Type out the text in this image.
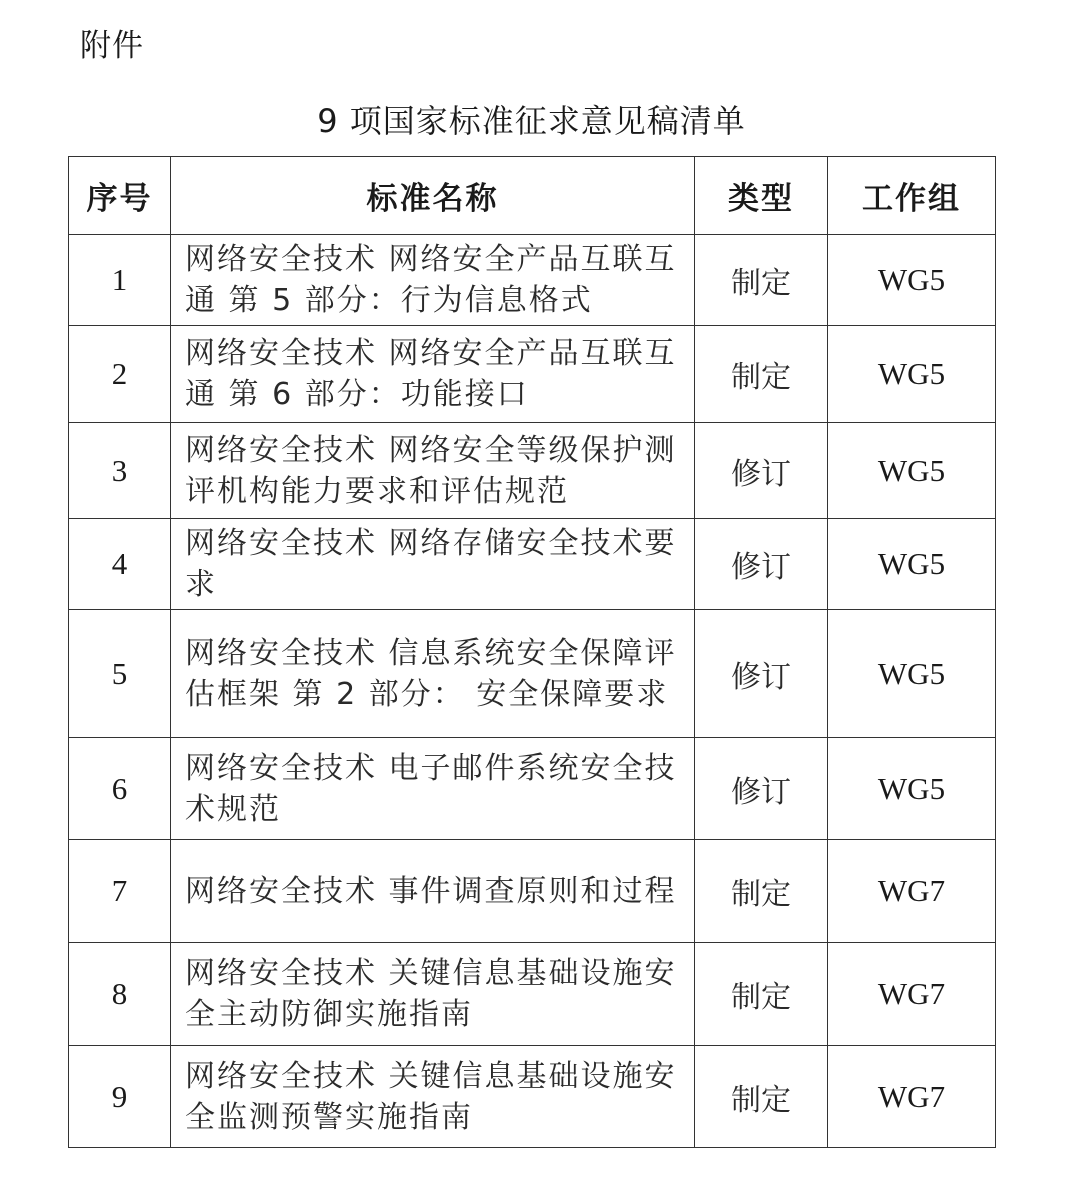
附件
9 项国家标准征求意见稿清单
序号	标准名称	类型	工作组
1	网络安全技术 网络安全产品互联互通 第 5 部分：行为信息格式	制定	WG5
2	网络安全技术 网络安全产品互联互通 第 6 部分：功能接口	制定	WG5
3	网络安全技术 网络安全等级保护测评机构能力要求和评估规范	修订	WG5
4	网络安全技术 网络存储安全技术要求	修订	WG5
5	网络安全技术 信息系统安全保障评估框架 第 2 部分： 安全保障要求	修订	WG5
6	网络安全技术 电子邮件系统安全技术规范	修订	WG5
7	网络安全技术 事件调查原则和过程	制定	WG7
8	网络安全技术 关键信息基础设施安全主动防御实施指南	制定	WG7
9	网络安全技术 关键信息基础设施安全监测预警实施指南	制定	WG7
